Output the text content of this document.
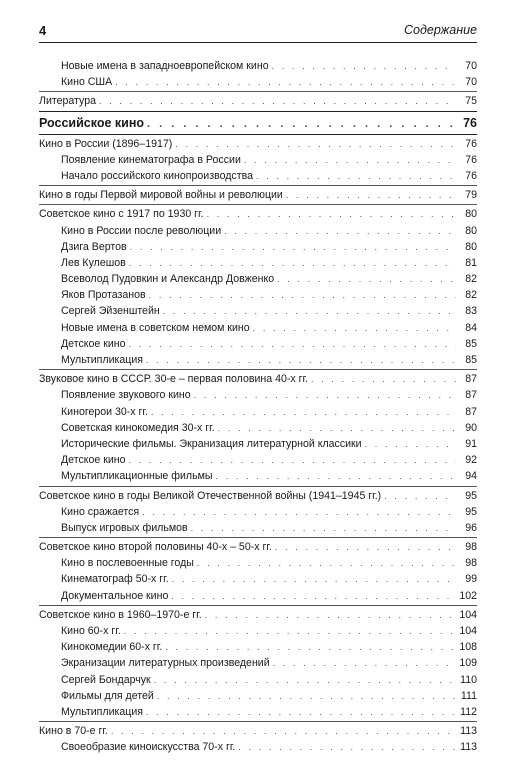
4	Содержание
Новые имена в западноевропейском кино . . .	70
Кино США . . .	70
Литература . . .	75
Российское кино . . .	76
Кино в России (1896–1917) . . .	76
Появление кинематографа в России . . .	76
Начало российского кинопроизводства . . .	76
Кино в годы Первой мировой войны и революции . . .	79
Советское кино с 1917 по 1930 гг. . . .	80
Кино в России после революции . . .	80
Дзига Вертов . . .	80
Лев Кулешов . . .	81
Всеволод Пудовкин и Александр Довженко . . .	82
Яков Протазанов . . .	82
Сергей Эйзенштейн . . .	83
Новые имена в советском немом кино . . .	84
Детское кино . . .	85
Мультипликация . . .	85
Звуковое кино в СССР. 30-е – первая половина 40-х гг. . . .	87
Появление звукового кино . . .	87
Киногерои 30-х гг. . . .	87
Советская кинокомедия 30-х гг. . . .	90
Исторические фильмы. Экранизация литературной классики . . .	91
Детское кино . . .	92
Мультипликационные фильмы . . .	94
Советское кино в годы Великой Отечественной войны (1941–1945 гг.) . . .	95
Кино сражается . . .	95
Выпуск игровых фильмов . . .	96
Советское кино второй половины 40-х – 50-х гг. . . .	98
Кино в послевоенные годы . . .	98
Кинематограф 50-х гг. . . .	99
Документальное кино . . .	102
Советское кино в 1960–1970-е гг. . . .	104
Кино 60-х гг. . . .	104
Кинокомедии 60-х гг. . . .	108
Экранизации литературных произведений . . .	109
Сергей Бондарчук . . .	110
Фильмы для детей . . .	111
Мультипликация . . .	112
Кино в 70-е гг. . . .	113
Своеобразие киноискусства 70-х гг. . . .	113
